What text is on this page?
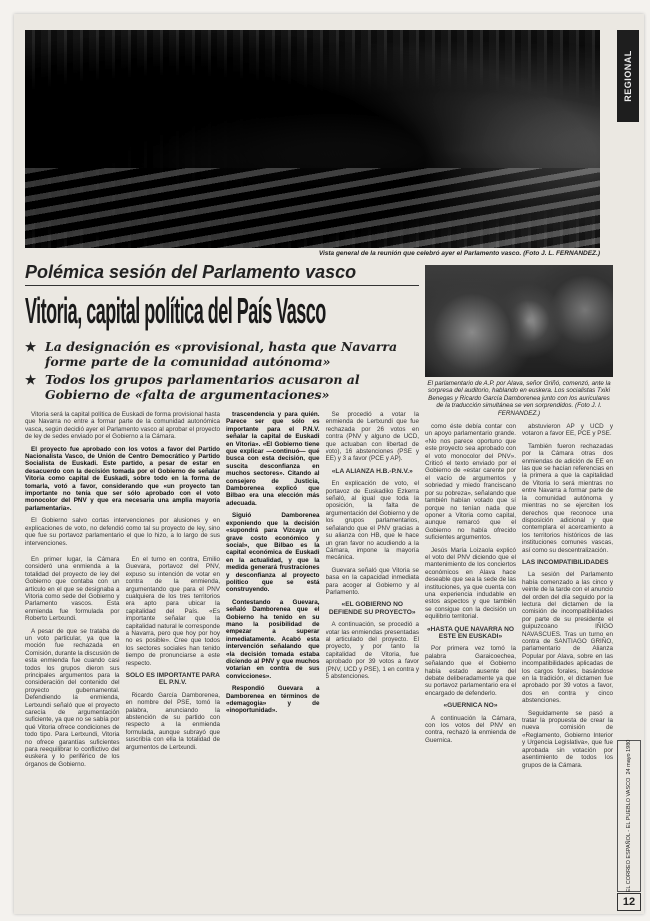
Vista general de la reunión que celebró ayer el Parlamento vasco. (Foto J. L. FERNANDEZ.)
Polémica sesión del Parlamento vasco
Vitoria, capital política del País Vasco
★ La designación es «provisional, hasta que Navarra forme parte de la comunidad autónoma»
★ Todos los grupos parlamentarios acusaron al Gobierno de «falta de argumentaciones»

Vitoria será la capital política de Euskadi de forma provisional hasta que Navarra no entre a formar parte de la comunidad autonómica vasca, según decidió ayer el Parlamento vasco al aprobar el proyecto de ley de sedes enviado por el Gobierno a la Cámara.

El proyecto fue aprobado con los votos a favor del Partido Nacionalista Vasco, de Unión de Centro Democrático y Partido Socialista de Euskadi. Este partido, a pesar de estar en desacuerdo con la decisión tomada por el Gobierno de señalar Vitoria como capital de Euskadi, sobre todo en la forma de tomarla, votó a favor, considerando que «un proyecto tan importante no tenía que ser sólo aprobado con el voto monocolor del PNV y que era necesaria una amplia mayoría parlamentaria».

El Gobierno salvo cortas intervenciones por alusiones y en explicaciones de voto, no defendió como tal su proyecto de ley, sino que fue su portavoz parlamentario el que lo hizo, a lo largo de sus intervenciones.

En primer lugar, la Cámara consideró una enmienda a la totalidad del proyecto de ley del Gobierno que contaba con un artículo en el que se designaba a Vitoria como sede del Gobierno y Parlamento vascos. Esta enmienda fue formulada por Roberto Lertxundi.

A pesar de que se trataba de un voto particular, ya que la moción fue rechazada en Comisión, durante la discusión de esta enmienda fue cuando casi todos los grupos dieron sus principales argumentos para la consideración del contenido del proyecto gubernamental. Defendiendo la enmienda, Lertxundi señaló que el proyecto carecía de argumentación suficiente, ya que no se sabía por qué Vitoria ofrece condiciones de todo tipo. Para Lertxundi, Vitoria no ofrece garantías suficientes para reequilibrar lo conflictivo del euskera y lo periférico de los órganos de Gobierno.

En el turno en contra, Emilio Guevara, portavoz del PNV, expuso su intención de votar en contra de la enmienda, argumentando que para el PNV cualquiera de los tres territorios era apto para ubicar la capitalidad del País. «Es importante señalar que la capitalidad natural le corresponde a Navarra, pero que hoy por hoy no es posible». Cree que todos los sectores sociales han tenido tiempo de pronunciarse a este respecto.

SOLO ES IMPORTANTE PARA EL P.N.V.

Ricardo García Damborenea, en nombre del PSE, tomó la palabra, anunciando la abstención de su partido con respecto a la enmienda formulada, aunque subrayó que suscribía con ella la totalidad de argumentos de Lertxundi.

trascendencia y para quién. Parece ser que sólo es importante para el P.N.V. señalar la capital de Euskadi en Vitoria». «El Gobierno tiene que explicar —continuó— qué busca con esta decisión, que suscita desconfianza en muchos sectores». Citando al consejero de Justicia, Damborenea explicó que Bilbao era una elección más adecuada.

Siguió Damborenea exponiendo que la decisión «supondrá para Vizcaya un grave costo económico y social», que Bilbao es la capital económica de Euskadi en la actualidad, y que la medida generará frustraciones y desconfianza al proyecto político que se está construyendo.

Contestando a Guevara, señaló Damborenea que el Gobierno ha tenido en su mano la posibilidad de empezar a superar inmediatamente. Acabó esta intervención señalando que «la decisión tomada estaba diciendo al PNV y que muchos votarían en contra de sus convicciones».

Respondió Guevara a Damborenea en términos de «demagogia» y de «inoportunidad».

Se procedió a votar la enmienda de Lertxundi que fue rechazada por 26 votos en contra (PNV y alguno de UCD, que actuaban con libertad de voto), 16 abstenciones (PSE y EE) y 3 a favor (PCE y AP).

«LA ALIANZA H.B.-P.N.V.»

En explicación de voto, el portavoz de Euskadiko Ezkerra señaló, al igual que toda la oposición, la falta de argumentación del Gobierno y de los grupos parlamentarios, señalando que el PNV gracias a su alianza con HB, que le hace un gran favor no acudiendo a la Cámara, impone la mayoría mecánica.

Guevara señaló que Vitoria se basa en la capacidad inmediata para acoger al Gobierno y al Parlamento.

«EL GOBIERNO NO DEFIENDE SU PROYECTO»

A continuación, se procedió a votar las enmiendas presentadas al articulado del proyecto. El proyecto, y por tanto la capitalidad de Vitoria, fue aprobado por 39 votos a favor (PNV, UCD y PSE), 1 en contra y 5 abstenciones.

El parlamentario de A.P. por Alava, señor Griñó, comenzó, ante la sorpresa del auditorio, hablando en euskera. Los socialistas Txiki Benegas y Ricardo García Damborenea junto con los auriculares de la traducción simultánea se ven sorprendidos. (Foto J. I. FERNANDEZ.)

como éste debía contar con un apoyo parlamentario grande. «No nos parece oportuno que este proyecto sea aprobado con el voto monocolor del PNV». Criticó el texto enviado por el Gobierno de «estar carente por el vacío de argumentos y sobriedad y miedo franciscano por su pobreza», señalando que también habían votado que sí porque no tenían nada que oponer a Vitoria como capital, aunque remarcó que el Gobierno no había ofrecido suficientes argumentos.

Jesús María Loizaola explicó el voto del PNV diciendo que el mantenimiento de los conciertos económicos en Alava hace deseable que sea la sede de las instituciones, ya que cuenta con una experiencia indudable en estos aspectos y que también se consigue con la decisión un equilibrio territorial.

«HASTA QUE NAVARRA NO ESTE EN EUSKADI»

Por primera vez tomó la palabra Garaicoechea, señalando que el Gobierno había estado ausente del debate deliberadamente ya que su portavoz parlamentario era el encargado de defenderlo.

«GUERNICA NO»

A continuación la Cámara, con los votos del PNV en contra, rechazó la enmienda de Guernica.

abstuvieron AP y UCD y votaron a favor EE, PCE y PSE.

También fueron rechazadas por la Cámara otras dos enmiendas de adición de EE en las que se hacían referencias en la primera a que la capitalidad de Vitoria lo será mientras no entre Navarra a formar parte de la comunidad autónoma y mientras no se ejerciten los derechos que reconoce una disposición adicional y que contemplara el acercamiento a los territorios históricos de las instituciones comunes vascas, así como su descentralización.

LAS INCOMPATIBILIDADES

La sesión del Parlamento había comenzado a las cinco y veinte de la tarde con el anuncio del orden del día seguido por la lectura del dictamen de la comisión de incompatibilidades por parte de su presidente el guipuzcoano IÑIGO NAVASCUES. Tras un turno en contra de SANTIAGO GRIÑO, parlamentario de Alianza Popular por Alava, sobre en las incompatibilidades aplicadas de los cargos forales, basándose en la tradición, el dictamen fue aprobado por 39 votos a favor, dos en contra y cinco abstenciones.

Seguidamente se pasó a tratar la propuesta de crear la nueva comisión de «Reglamento, Gobierno Interior y Urgencia Legislativa», que fue aprobada sin votación por asentimiento de todos los grupos de la Cámara.

REGIONAL
EL CORREO ESPAÑOL - EL PUEBLO VASCO  24 mayo 1980
12
